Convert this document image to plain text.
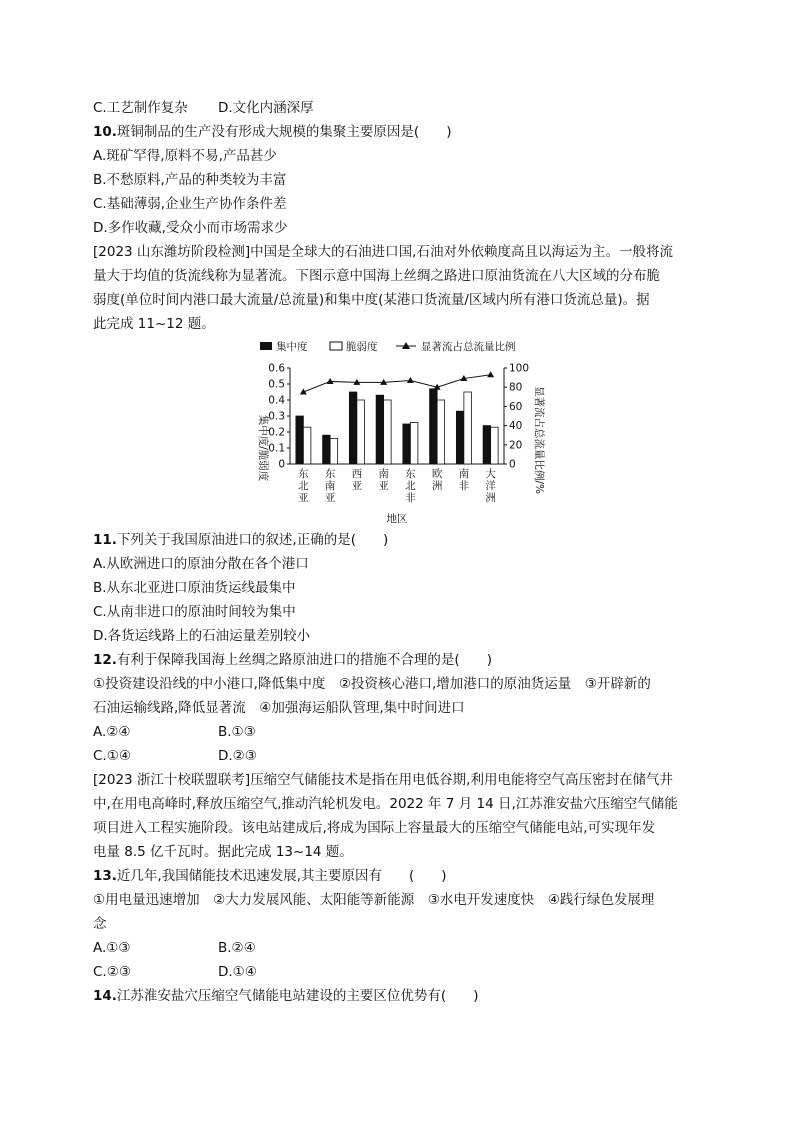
C.工艺制作复杂 D.文化内涵深厚
10.斑铜制品的生产没有形成大规模的集聚主要原因是(　　)
A.斑矿罕得,原料不易,产品甚少
B.不愁原料,产品的种类较为丰富
C.基础薄弱,企业生产协作条件差
D.多作收藏,受众小而市场需求少
[2023 山东潍坊阶段检测]中国是全球大的石油进口国,石油对外依赖度高且以海运为主。一般将流
量大于均值的货流线称为显著流。下图示意中国海上丝绸之路进口原油货流在八大区域的分布脆
弱度(单位时间内港口最大流量/总流量)和集中度(某港口货流量/区域内所有港口货流总量)。据
此完成 11~12 题。
集中度	脆弱度	显著流占总流量比例
集中度/脆弱度	显著流占总流量比例/%
0
0.1
0.2
0.3
0.4
0.5
0.6
0
20
40
60
80
100
东
北
亚
东
南
亚
西
亚
南
亚
东
北
非
欧
洲
南
非
大
洋
洲
地区
11.下列关于我国原油进口的叙述,正确的是(　　)
A.从欧洲进口的原油分散在各个港口
B.从东北亚进口原油货运线最集中
C.从南非进口的原油时间较为集中
D.各货运线路上的石油运量差别较小
12.有利于保障我国海上丝绸之路原油进口的措施不合理的是(　　)
①投资建设沿线的中小港口,降低集中度　②投资核心港口,增加港口的原油货运量　③开辟新的
石油运输线路,降低显著流　④加强海运船队管理,集中时间进口
A.②④	B.①③
C.①④	D.②③
[2023 浙江十校联盟联考]压缩空气储能技术是指在用电低谷期,利用电能将空气高压密封在储气井
中,在用电高峰时,释放压缩空气,推动汽轮机发电。2022 年 7 月 14 日,江苏淮安盐穴压缩空气储能
项目进入工程实施阶段。该电站建成后,将成为国际上容量最大的压缩空气储能电站,可实现年发
电量 8.5 亿千瓦时。据此完成 13~14 题。
13.近几年,我国储能技术迅速发展,其主要原因有　　(　　)
①用电量迅速增加　②大力发展风能、太阳能等新能源　③水电开发速度快　④践行绿色发展理
念
A.①③	B.②④
C.②③	D.①④
14.江苏淮安盐穴压缩空气储能电站建设的主要区位优势有(　　)
